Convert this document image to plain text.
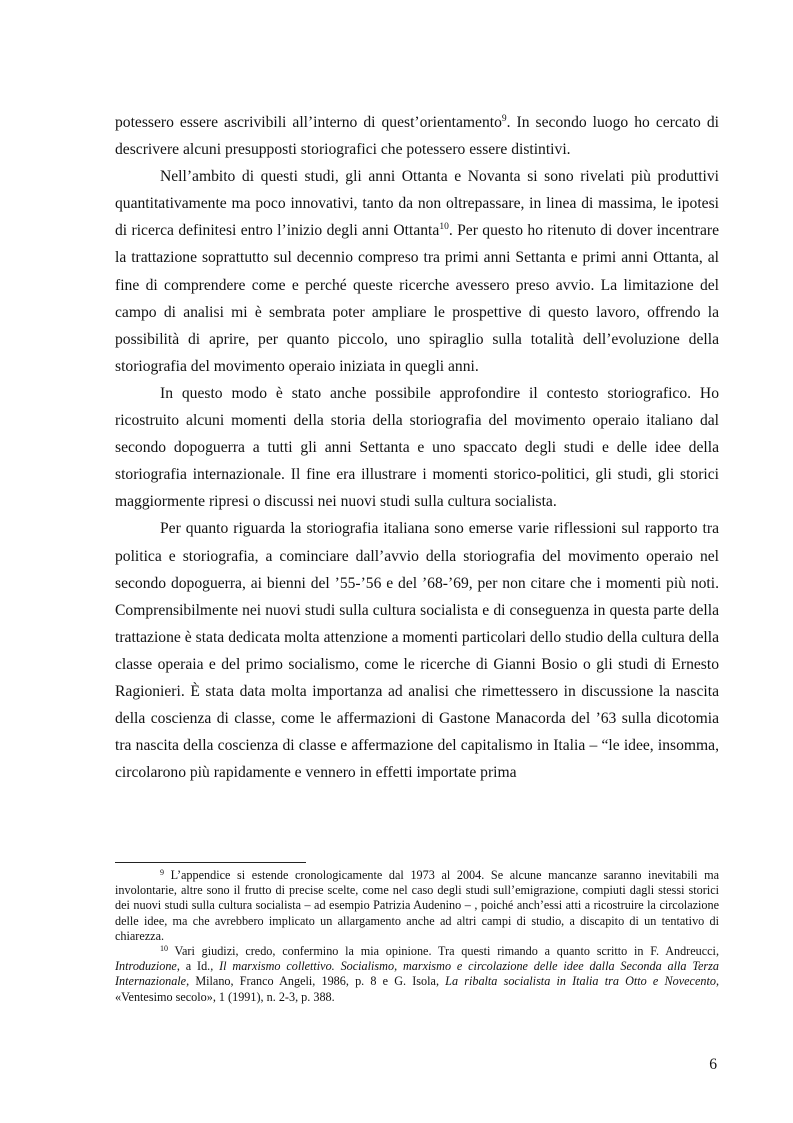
potessero essere ascrivibili all’interno di quest’orientamento$^9$. In secondo luogo ho cercato di descrivere alcuni presupposti storiografici che potessero essere distintivi.

Nell’ambito di questi studi, gli anni Ottanta e Novanta si sono rivelati più produttivi quantitativamente ma poco innovativi, tanto da non oltrepassare, in linea di massima, le ipotesi di ricerca definitesi entro l’inizio degli anni Ottanta$^{10}$. Per questo ho ritenuto di dover incentrare la trattazione soprattutto sul decennio compreso tra primi anni Settanta e primi anni Ottanta, al fine di comprendere come e perché queste ricerche avessero preso avvio. La limitazione del campo di analisi mi è sembrata poter ampliare le prospettive di questo lavoro, offrendo la possibilità di aprire, per quanto piccolo, uno spiraglio sulla totalità dell’evoluzione della storiografia del movimento operaio iniziata in quegli anni.

In questo modo è stato anche possibile approfondire il contesto storiografico. Ho ricostruito alcuni momenti della storia della storiografia del movimento operaio italiano dal secondo dopoguerra a tutti gli anni Settanta e uno spaccato degli studi e delle idee della storiografia internazionale. Il fine era illustrare i momenti storico-politici, gli studi, gli storici maggiormente ripresi o discussi nei nuovi studi sulla cultura socialista.

Per quanto riguarda la storiografia italiana sono emerse varie riflessioni sul rapporto tra politica e storiografia, a cominciare dall’avvio della storiografia del movimento operaio nel secondo dopoguerra, ai bienni del ’55-’56 e del ’68-’69, per non citare che i momenti più noti. Comprensibilmente nei nuovi studi sulla cultura socialista e di conseguenza in questa parte della trattazione è stata dedicata molta attenzione a momenti particolari dello studio della cultura della classe operaia e del primo socialismo, come le ricerche di Gianni Bosio o gli studi di Ernesto Ragionieri. È stata data molta importanza ad analisi che rimettessero in discussione la nascita della coscienza di classe, come le affermazioni di Gastone Manacorda del ’63 sulla dicotomia tra nascita della coscienza di classe e affermazione del capitalismo in Italia – “le idee, insomma, circolarono più rapidamente e vennero in effetti importate prima

$^9$ L’appendice si estende cronologicamente dal 1973 al 2004. Se alcune mancanze saranno inevitabili ma involontarie, altre sono il frutto di precise scelte, come nel caso degli studi sull’emigrazione, compiuti dagli stessi storici dei nuovi studi sulla cultura socialista – ad esempio Patrizia Audenino – , poiché anch’essi atti a ricostruire la circolazione delle idee, ma che avrebbero implicato un allargamento anche ad altri campi di studio, a discapito di un tentativo di chiarezza.

$^{10}$ Vari giudizi, credo, confermino la mia opinione. Tra questi rimando a quanto scritto in F. Andreucci, Introduzione, a Id., Il marxismo collettivo. Socialismo, marxismo e circolazione delle idee dalla Seconda alla Terza Internazionale, Milano, Franco Angeli, 1986, p. 8 e G. Isola, La ribalta socialista in Italia tra Otto e Novecento, «Ventesimo secolo», 1 (1991), n. 2-3, p. 388.

6
